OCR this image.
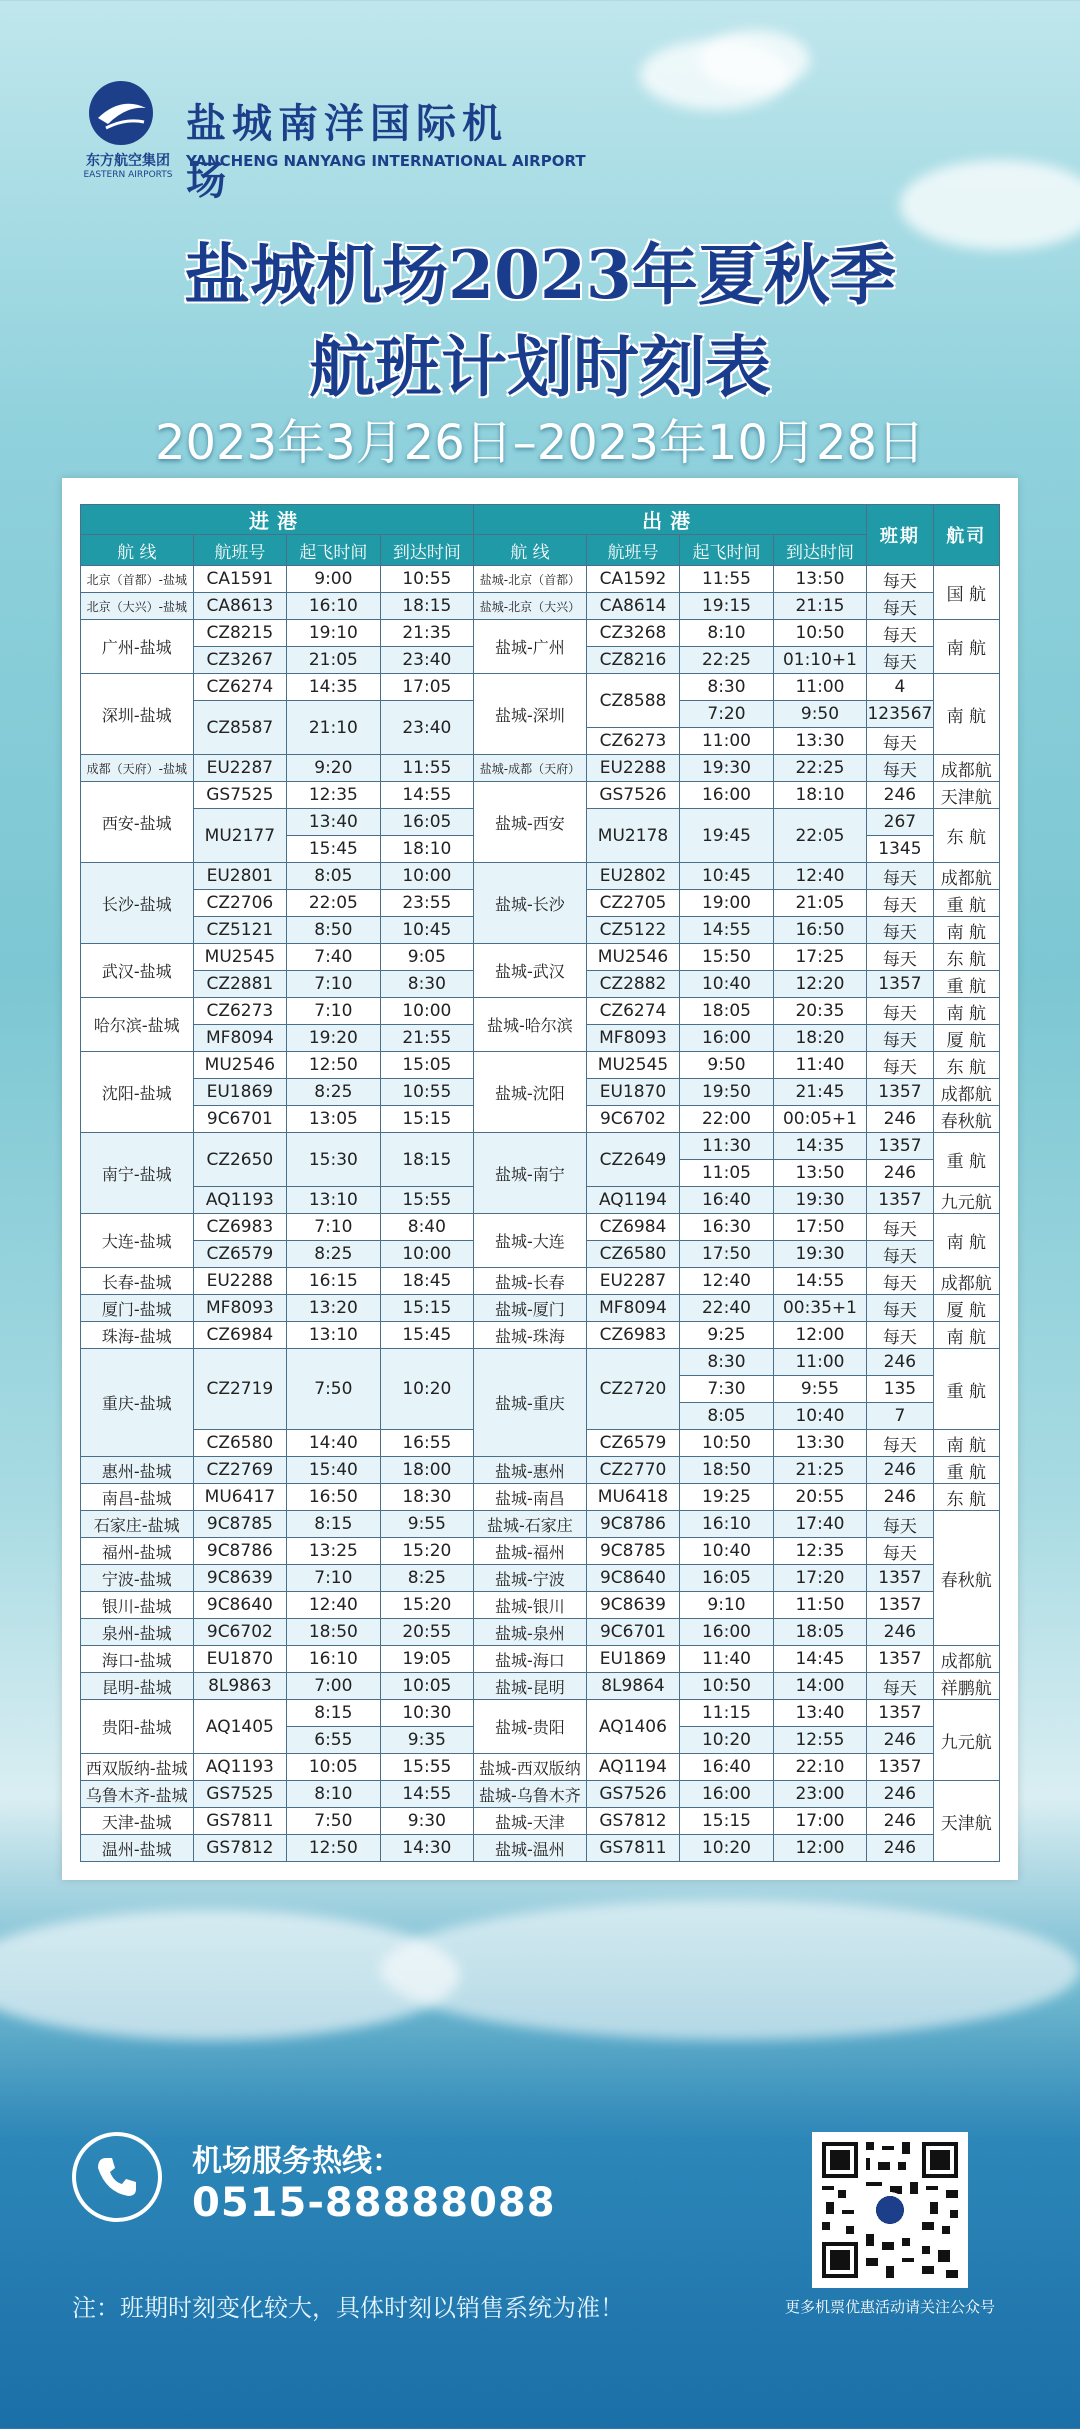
东方航空集团
EASTERN AIRPORTS
盐城南洋国际机场
YANCHENG NANYANG INTERNATIONAL AIRPORT
盐城机场2023年夏秋季
航班计划时刻表
2023年3月26日–2023年10月28日
进港				出港				班期	航司
航 线	航班号	起飞时间	到达时间	航 线	航班号	起飞时间	到达时间		
北京（首都）-盐城	CA1591	9:00	10:55	盐城-北京（首都）	CA1592	11:55	13:50	每天	国 航
北京（大兴）-盐城	CA8613	16:10	18:15	盐城-北京（大兴）	CA8614	19:15	21:15	每天	
广州-盐城	CZ8215	19:10	21:35	盐城-广州	CZ3268	8:10	10:50	每天	南 航
	CZ3267	21:05	23:40		CZ8216	22:25	01:10+1	每天	
深圳-盐城	CZ6274	14:35	17:05	盐城-深圳	CZ8588	8:30	11:00	4	南 航
	CZ8587	21:10	23:40			7:20	9:50	123567	
					CZ6273	11:00	13:30	每天	
成都（天府）-盐城	EU2287	9:20	11:55	盐城-成都（天府）	EU2288	19:30	22:25	每天	成都航
西安-盐城	GS7525	12:35	14:55	盐城-西安	GS7526	16:00	18:10	246	天津航
	MU2177	13:40	16:05		MU2178	19:45	22:05	267	东 航
		15:45	18:10					1345	
长沙-盐城	EU2801	8:05	10:00	盐城-长沙	EU2802	10:45	12:40	每天	成都航
	CZ2706	22:05	23:55		CZ2705	19:00	21:05	每天	重 航
	CZ5121	8:50	10:45		CZ5122	14:55	16:50	每天	南 航
武汉-盐城	MU2545	7:40	9:05	盐城-武汉	MU2546	15:50	17:25	每天	东 航
	CZ2881	7:10	8:30		CZ2882	10:40	12:20	1357	重 航
哈尔滨-盐城	CZ6273	7:10	10:00	盐城-哈尔滨	CZ6274	18:05	20:35	每天	南 航
	MF8094	19:20	21:55		MF8093	16:00	18:20	每天	厦 航
沈阳-盐城	MU2546	12:50	15:05	盐城-沈阳	MU2545	9:50	11:40	每天	东 航
	EU1869	8:25	10:55		EU1870	19:50	21:45	1357	成都航
	9C6701	13:05	15:15		9C6702	22:00	00:05+1	246	春秋航
南宁-盐城	CZ2650	15:30	18:15	盐城-南宁	CZ2649	11:30	14:35	1357	重 航
						11:05	13:50	246	
	AQ1193	13:10	15:55		AQ1194	16:40	19:30	1357	九元航
大连-盐城	CZ6983	7:10	8:40	盐城-大连	CZ6984	16:30	17:50	每天	南 航
	CZ6579	8:25	10:00		CZ6580	17:50	19:30	每天	
长春-盐城	EU2288	16:15	18:45	盐城-长春	EU2287	12:40	14:55	每天	成都航
厦门-盐城	MF8093	13:20	15:15	盐城-厦门	MF8094	22:40	00:35+1	每天	厦 航
珠海-盐城	CZ6984	13:10	15:45	盐城-珠海	CZ6983	9:25	12:00	每天	南 航
重庆-盐城	CZ2719	7:50	10:20	盐城-重庆	CZ2720	8:30	11:00	246	重 航
						7:30	9:55	135	
						8:05	10:40	7	
	CZ6580	14:40	16:55		CZ6579	10:50	13:30	每天	南 航
惠州-盐城	CZ2769	15:40	18:00	盐城-惠州	CZ2770	18:50	21:25	246	重 航
南昌-盐城	MU6417	16:50	18:30	盐城-南昌	MU6418	19:25	20:55	246	东 航
石家庄-盐城	9C8785	8:15	9:55	盐城-石家庄	9C8786	16:10	17:40	每天	春秋航
福州-盐城	9C8786	13:25	15:20	盐城-福州	9C8785	10:40	12:35	每天	
宁波-盐城	9C8639	7:10	8:25	盐城-宁波	9C8640	16:05	17:20	1357	
银川-盐城	9C8640	12:40	15:20	盐城-银川	9C8639	9:10	11:50	1357	
泉州-盐城	9C6702	18:50	20:55	盐城-泉州	9C6701	16:00	18:05	246	
海口-盐城	EU1870	16:10	19:05	盐城-海口	EU1869	11:40	14:45	1357	成都航
昆明-盐城	8L9863	7:00	10:05	盐城-昆明	8L9864	10:50	14:00	每天	祥鹏航
贵阳-盐城	AQ1405	8:15	10:30	盐城-贵阳	AQ1406	11:15	13:40	1357	九元航
		6:55	9:35			10:20	12:55	246	
西双版纳-盐城	AQ1193	10:05	15:55	盐城-西双版纳	AQ1194	16:40	22:10	1357	
乌鲁木齐-盐城	GS7525	8:10	14:55	盐城-乌鲁木齐	GS7526	16:00	23:00	246	天津航
天津-盐城	GS7811	7:50	9:30	盐城-天津	GS7812	15:15	17:00	246	
温州-盐城	GS7812	12:50	14:30	盐城-温州	GS7811	10:20	12:00	246	
机场服务热线：
0515-88888088
注：班期时刻变化较大，具体时刻以销售系统为准！	更多机票优惠活动请关注公众号
